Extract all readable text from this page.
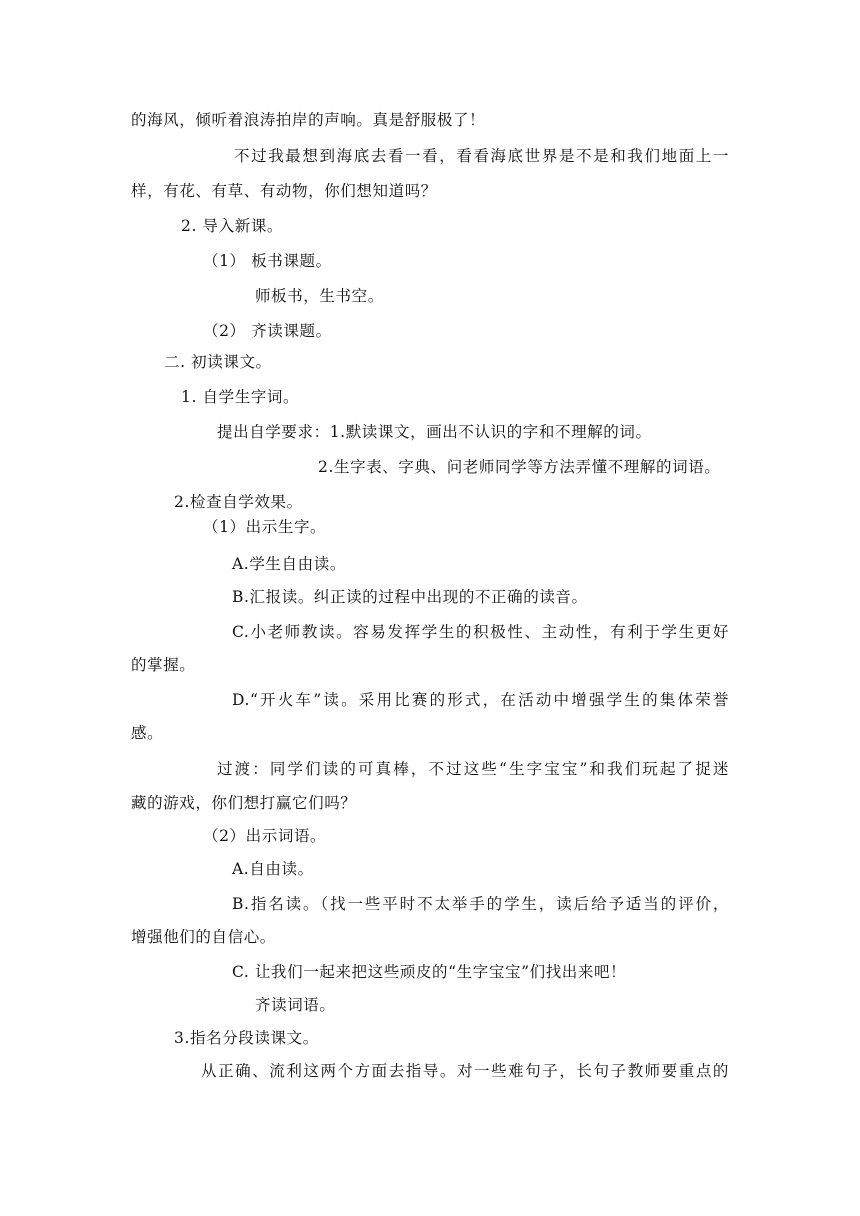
的海风，倾听着浪涛拍岸的声响。真是舒服极了！
不过我最想到海底去看一看，看看海底世界是不是和我们地面上一
样，有花、有草、有动物，你们想知道吗？
2. 导入新课。
（1） 板书课题。
师板书，生书空。
（2） 齐读课题。
二. 初读课文。
1. 自学生字词。
提出自学要求：1.默读课文，画出不认识的字和不理解的词。
2.生字表、字典、问老师同学等方法弄懂不理解的词语。
2.检查自学效果。
（1）出示生字。
A.学生自由读。
B.汇报读。纠正读的过程中出现的不正确的读音。
C.小老师教读。容易发挥学生的积极性、主动性，有利于学生更好
的掌握。
D.“开火车”读。采用比赛的形式，在活动中增强学生的集体荣誉
感。
过渡：同学们读的可真棒，不过这些“生字宝宝”和我们玩起了捉迷
藏的游戏，你们想打赢它们吗？
（2）出示词语。
A.自由读。
B.指名读。（找一些平时不太举手的学生，读后给予适当的评价，
增强他们的自信心。
C. 让我们一起来把这些顽皮的“生字宝宝”们找出来吧！
齐读词语。
3.指名分段读课文。
从正确、流利这两个方面去指导。对一些难句子，长句子教师要重点的
